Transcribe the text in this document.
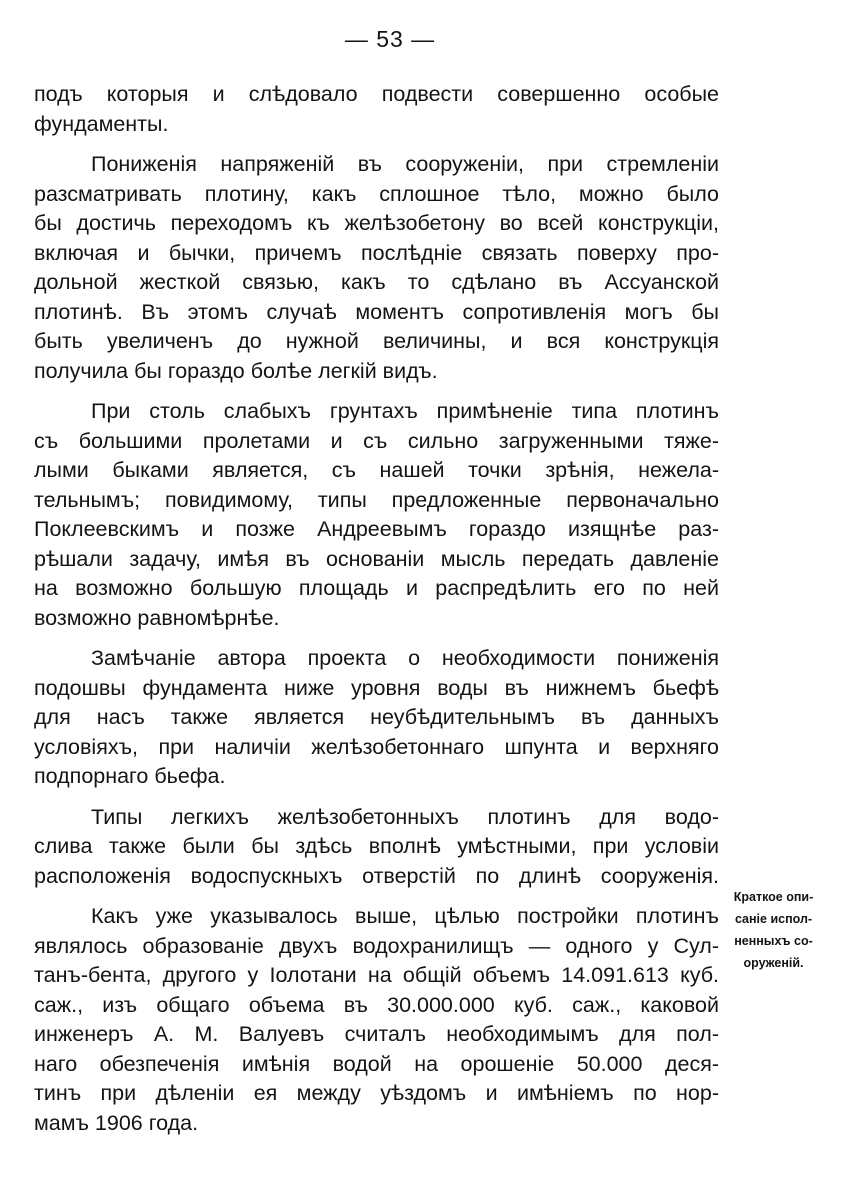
— 53 —
подъ которыя и слѣдовало подвести совершенно особые
фундаменты.
Пониженія напряженій въ сооруженіи, при стремленіи
разсматривать плотину, какъ сплошное тѣло, можно было
бы достичь переходомъ къ желѣзобетону во всей конструкціи,
включая и бычки, причемъ послѣдніе связать поверху про-
дольной жесткой связью, какъ то сдѣлано въ Ассуанской
плотинѣ. Въ этомъ случаѣ моментъ сопротивленія могъ бы
быть увеличенъ до нужной величины, и вся конструкція
получила бы гораздо болѣе легкій видъ.
При столь слабыхъ грунтахъ примѣненіе типа плотинъ
съ большими пролетами и съ сильно загруженными тяже-
лыми быками является, съ нашей точки зрѣнія, нежела-
тельнымъ; повидимому, типы предложенные первоначально
Поклеевскимъ и позже Андреевымъ гораздо изящнѣе раз-
рѣшали задачу, имѣя въ основаніи мысль передать давленіе
на возможно большую площадь и распредѣлить его по ней
возможно равномѣрнѣе.
Замѣчаніе автора проекта о необходимости пониженія
подошвы фундамента ниже уровня воды въ нижнемъ бьефѣ
для насъ также является неубѣдительнымъ въ данныхъ
условіяхъ, при наличіи желѣзобетоннаго шпунта и верхняго
подпорнаго бьефа.
Типы легкихъ желѣзобетонныхъ плотинъ для водо-
слива также были бы здѣсь вполнѣ умѣстными, при условіи
расположенія водоспускныхъ отверстій по длинѣ сооруженія.
Какъ уже указывалось выше, цѣлью постройки плотинъ
являлось образованіе двухъ водохранилищъ — одного у Сул-
танъ-бента, другого у Іолотани на общій объемъ 14.091.613 куб.
саж., изъ общаго объема въ 30.000.000 куб. саж., каковой
инженеръ А. М. Валуевъ считалъ необходимымъ для пол-
наго обезпеченія имѣнія водой на орошеніе 50.000 деся-
тинъ при дѣленіи ея между уѣздомъ и имѣніемъ по нор-
мамъ 1906 года.
Краткое опи-
саніе испол-
ненныхъ со-
оруженій.
